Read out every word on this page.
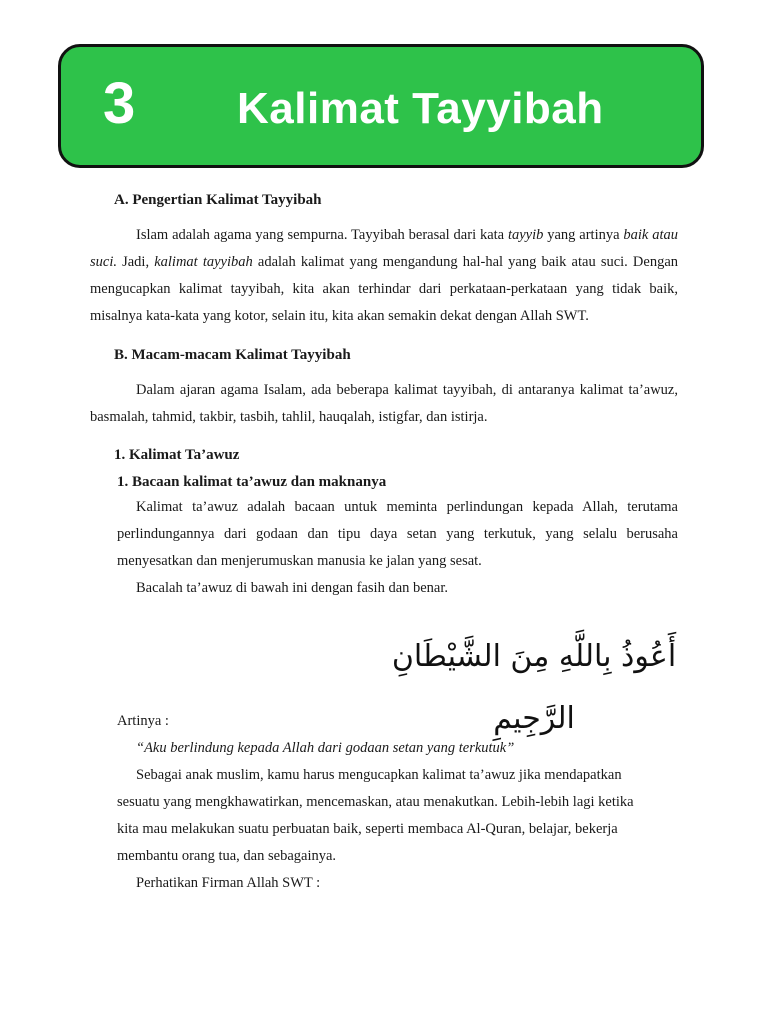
3 Kalimat Tayyibah
A. Pengertian Kalimat Tayyibah

Islam adalah agama yang sempurna. Tayyibah berasal dari kata tayyib yang artinya baik atau suci. Jadi, kalimat tayyibah adalah kalimat yang mengandung hal-hal yang baik atau suci. Dengan mengucapkan kalimat tayyibah, kita akan terhindar dari perkataan-perkataan yang tidak baik, misalnya kata-kata yang kotor, selain itu, kita akan semakin dekat dengan Allah SWT.

B. Macam-macam Kalimat Tayyibah

Dalam ajaran agama Isalam, ada beberapa kalimat tayyibah, di antaranya kalimat ta’awuz, basmalah, tahmid, takbir, tasbih, tahlil, hauqalah, istigfar, dan istirja.

1. Kalimat Ta’awuz
1. Bacaan kalimat ta’awuz dan maknanya

Kalimat ta’awuz adalah bacaan untuk meminta perlindungan kepada Allah, terutama perlindungannya dari godaan dan tipu daya setan yang terkutuk, yang selalu berusaha menyesatkan dan menjerumuskan manusia ke jalan yang sesat.

Bacalah ta’awuz di bawah ini dengan fasih dan benar.
أَعُوذُ بِاللَّهِ مِنَ الشَّيْطَانِ الرَّجِيمِ
Artinya :
“Aku berlindung kepada Allah dari godaan setan yang terkutuk”

Sebagai anak muslim, kamu harus mengucapkan kalimat ta’awuz jika mendapatkan sesuatu yang mengkhawatirkan, mencemaskan, atau menakutkan. Lebih-lebih lagi ketika kita mau melakukan suatu perbuatan baik, seperti membaca Al-Quran, belajar, bekerja membantu orang tua, dan sebagainya.

Perhatikan Firman Allah SWT :
